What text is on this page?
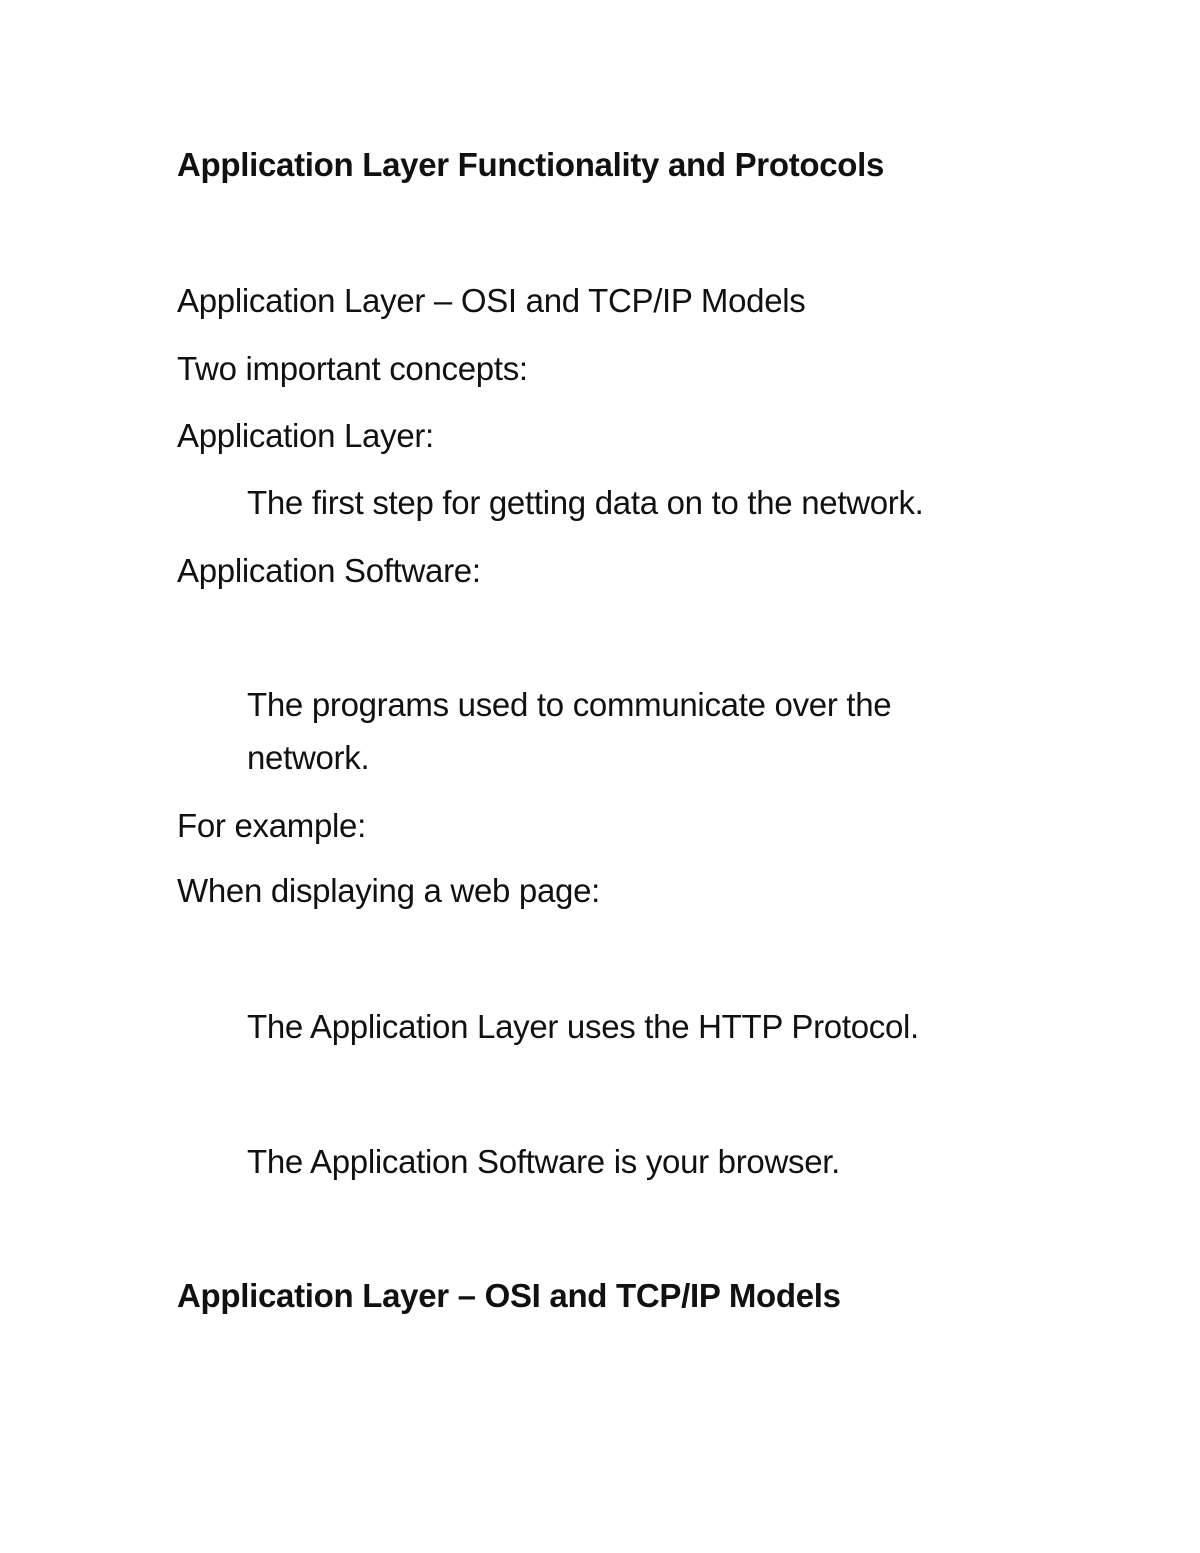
Application Layer Functionality and Protocols
Application Layer – OSI and TCP/IP Models
Two important concepts:
Application Layer:
The first step for getting data on to the network.
Application Software:
The programs used to communicate over the network.
For example:
When displaying a web page:
The Application Layer uses the HTTP Protocol.
The Application Software is your browser.
Application Layer – OSI and TCP/IP Models
